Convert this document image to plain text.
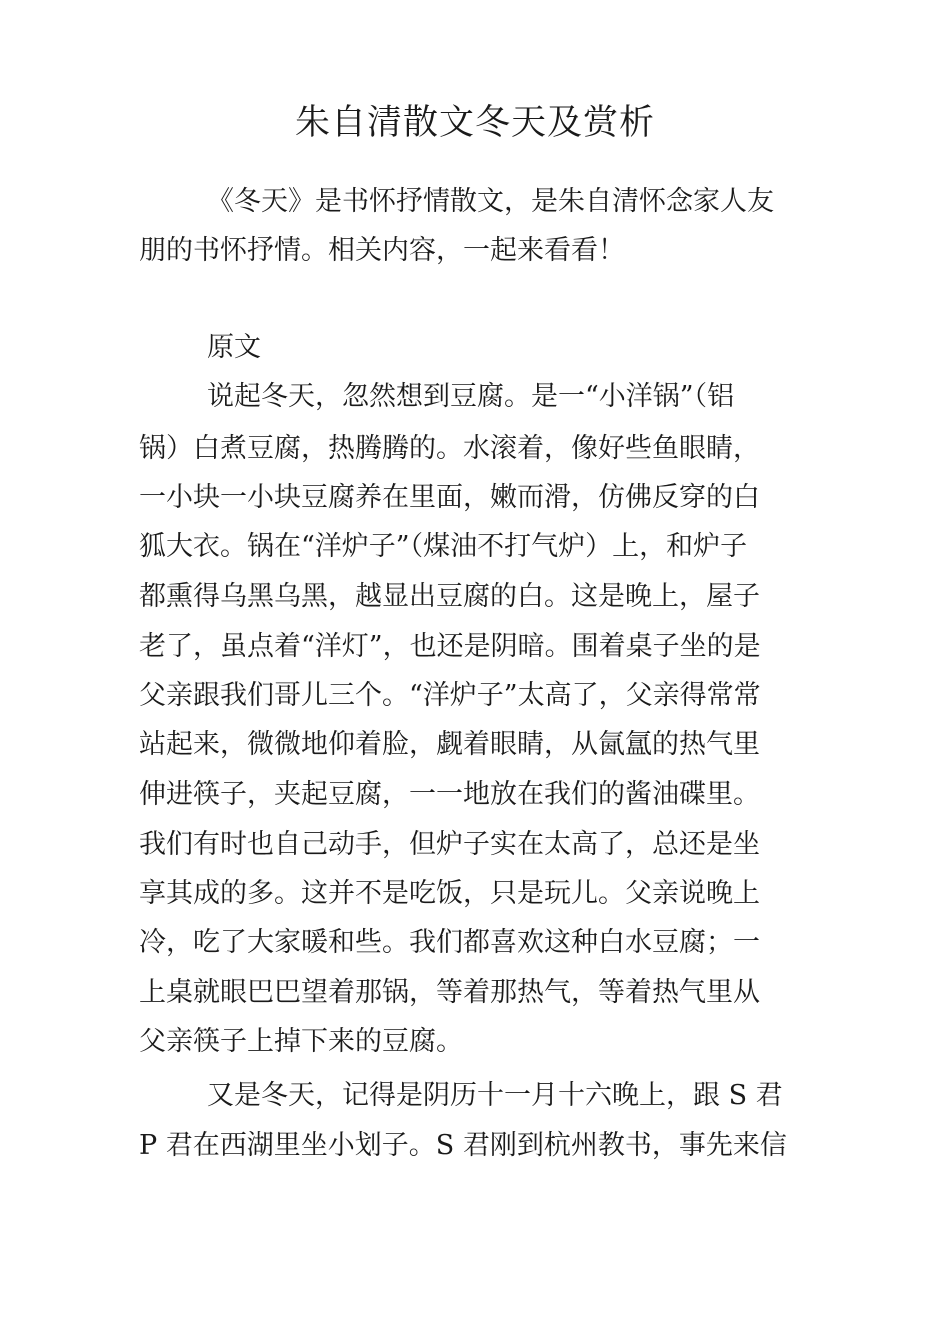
朱自清散文冬天及赏析

《冬天》是书怀抒情散文，是朱自清怀念家人友

朋的书怀抒情。相关内容，一起来看看！

原文

说起冬天，忽然想到豆腐。是一“小洋锅”（铝

锅）白煮豆腐，热腾腾的。水滚着，像好些鱼眼睛，

一小块一小块豆腐养在里面，嫩而滑，仿佛反穿的白

狐大衣。锅在“洋炉子”（煤油不打气炉）上，和炉子

都熏得乌黑乌黑，越显出豆腐的白。这是晚上，屋子

老了，虽点着“洋灯”，也还是阴暗。围着桌子坐的是

父亲跟我们哥儿三个。“洋炉子”太高了，父亲得常常

站起来，微微地仰着脸，觑着眼睛，从氤氲的热气里

伸进筷子，夹起豆腐，一一地放在我们的酱油碟里。

我们有时也自己动手，但炉子实在太高了，总还是坐

享其成的多。这并不是吃饭，只是玩儿。父亲说晚上

冷，吃了大家暖和些。我们都喜欢这种白水豆腐；一

上桌就眼巴巴望着那锅，等着那热气，等着热气里从

父亲筷子上掉下来的豆腐。

又是冬天，记得是阴历十一月十六晚上，跟 S 君

P 君在西湖里坐小划子。S 君刚到杭州教书，事先来信
